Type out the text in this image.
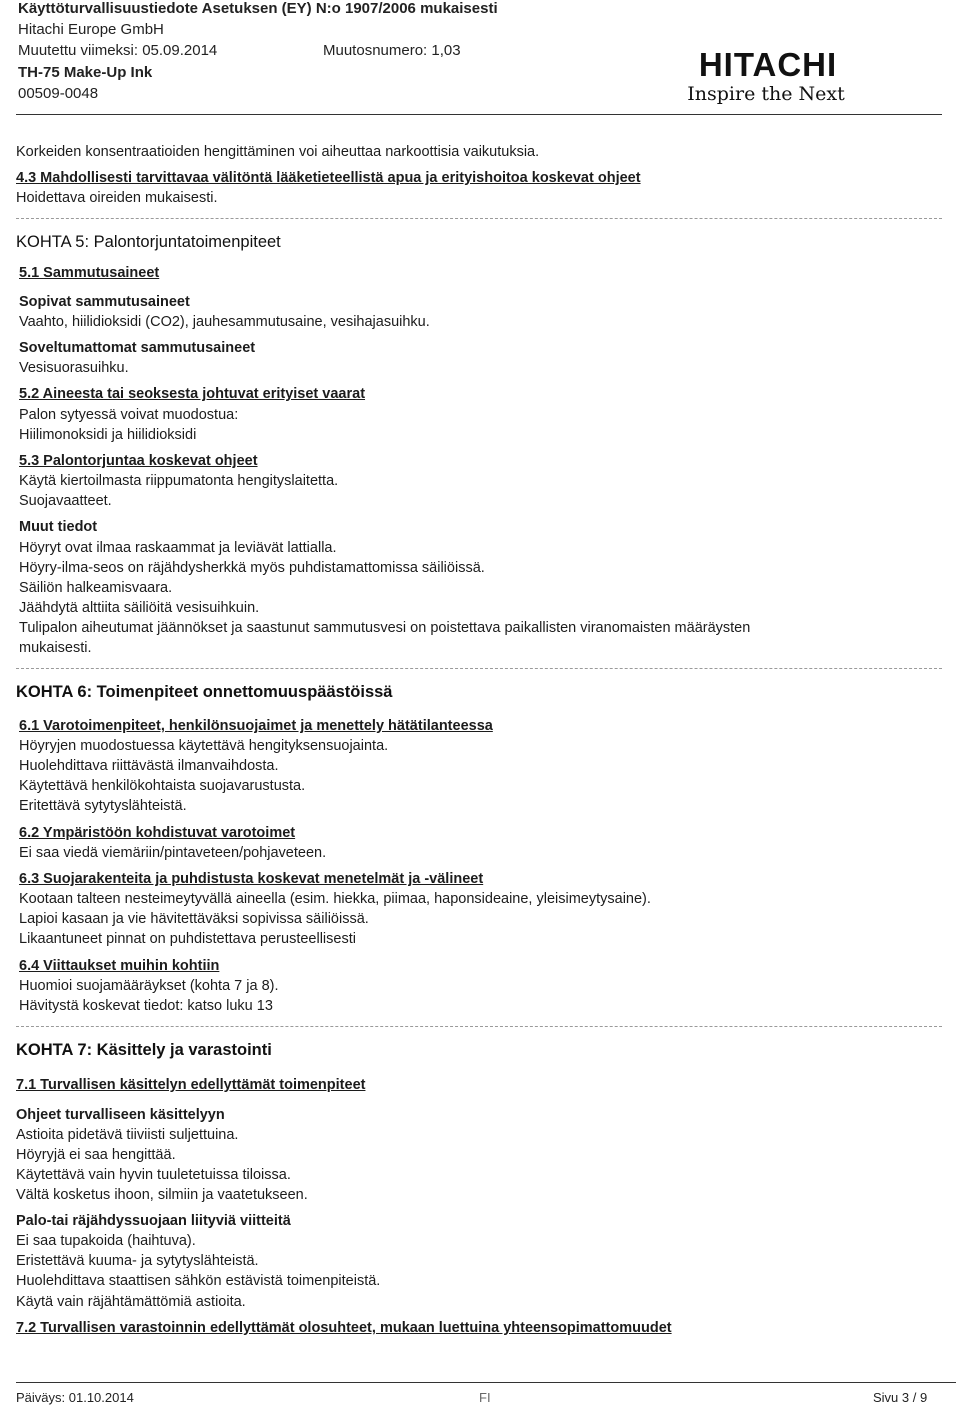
Käyttöturvallisuustiedote Asetuksen (EY) N:o 1907/2006 mukaisesti
Hitachi Europe GmbH
Muutettu viimeksi: 05.09.2014	Muutosnumero: 1,03
TH-75 Make-Up Ink
00509-0048
HITACHI
Inspire the Next
Korkeiden konsentraatioiden hengittäminen voi aiheuttaa narkoottisia vaikutuksia.
4.3 Mahdollisesti tarvittavaa välitöntä lääketieteellistä apua ja erityishoitoa koskevat ohjeet
Hoidettava oireiden mukaisesti.
KOHTA 5: Palontorjuntatoimenpiteet
5.1 Sammutusaineet
Sopivat sammutusaineet
Vaahto, hiilidioksidi (CO2), jauhesammutusaine, vesihajasuihku.
Soveltumattomat sammutusaineet
Vesisuorasuihku.
5.2 Aineesta tai seoksesta johtuvat erityiset vaarat
Palon sytyessä voivat muodostua:
Hiilimonoksidi ja hiilidioksidi
5.3 Palontorjuntaa koskevat ohjeet
Käytä kiertoilmasta riippumatonta hengityslaitetta.
Suojavaatteet.
Muut tiedot
Höyryt ovat ilmaa raskaammat ja leviävät lattialla.
Höyry-ilma-seos on räjähdysherkkä myös puhdistamattomissa säiliöissä.
Säiliön halkeamisvaara.
Jäähdytä alttiita säiliöitä vesisuihkuin.
Tulipalon aiheutumat jäännökset ja saastunut sammutusvesi on poistettava paikallisten viranomaisten määräysten
mukaisesti.
KOHTA 6: Toimenpiteet onnettomuuspäästöissä
6.1 Varotoimenpiteet, henkilönsuojaimet ja menettely hätätilanteessa
Höyryjen muodostuessa käytettävä hengityksensuojainta.
Huolehdittava riittävästä ilmanvaihdosta.
Käytettävä henkilökohtaista suojavarustusta.
Eritettävä sytytyslähteistä.
6.2 Ympäristöön kohdistuvat varotoimet
Ei saa viedä viemäriin/pintaveteen/pohjaveteen.
6.3 Suojarakenteita ja puhdistusta koskevat menetelmät ja -välineet
Kootaan talteen nesteimeytyvällä aineella (esim. hiekka, piimaa, haponsideaine, yleisimeytysaine).
Lapioi kasaan ja vie hävitettäväksi sopivissa säiliöissä.
Likaantuneet pinnat on puhdistettava perusteellisesti
6.4 Viittaukset muihin kohtiin
Huomioi suojamääräykset (kohta 7 ja 8).
Hävitystä koskevat tiedot: katso luku 13
KOHTA 7: Käsittely ja varastointi
7.1 Turvallisen käsittelyn edellyttämät toimenpiteet
Ohjeet turvalliseen käsittelyyn
Astioita pidetävä tiiviisti suljettuina.
Höyryjä ei saa hengittää.
Käytettävä vain hyvin tuuletetuissa tiloissa.
Vältä kosketus ihoon, silmiin ja vaatetukseen.
Palo-tai räjähdyssuojaan liityviä viitteitä
Ei saa tupakoida (haihtuva).
Eristettävä kuuma- ja sytytyslähteistä.
Huolehdittava staattisen sähkön estävistä toimenpiteistä.
Käytä vain räjähtämättömiä astioita.
7.2 Turvallisen varastoinnin edellyttämät olosuhteet, mukaan luettuina yhteensopimattomuudet
Päiväys: 01.10.2014	FI	Sivu 3 / 9
